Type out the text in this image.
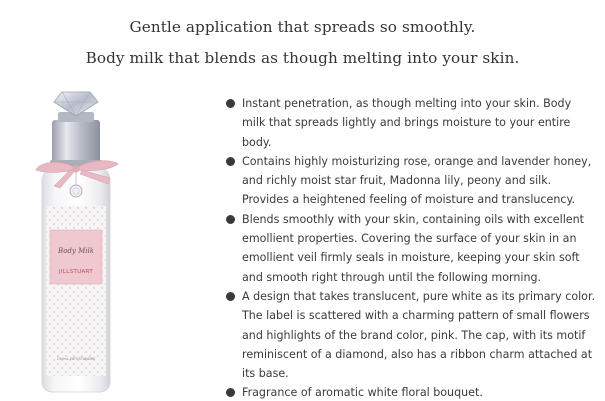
Gentle application that spreads so smoothly.
Body milk that blends as though melting into your skin.
Body Milk
JILLSTUART
250mL NET/STANDRE
Instant penetration, as though melting into your skin. Body milk that spreads lightly and brings moisture to your entire body.
Contains highly moisturizing rose, orange and lavender honey, and richly moist star fruit, Madonna lily, peony and silk. Provides a heightened feeling of moisture and translucency.
Blends smoothly with your skin, containing oils with excellent emollient properties. Covering the surface of your skin in an emollient veil firmly seals in moisture, keeping your skin soft and smooth right through until the following morning.
A design that takes translucent, pure white as its primary color. The label is scattered with a charming pattern of small flowers and highlights of the brand color, pink. The cap, with its motif reminiscent of a diamond, also has a ribbon charm attached at its base.
Fragrance of aromatic white floral bouquet.
